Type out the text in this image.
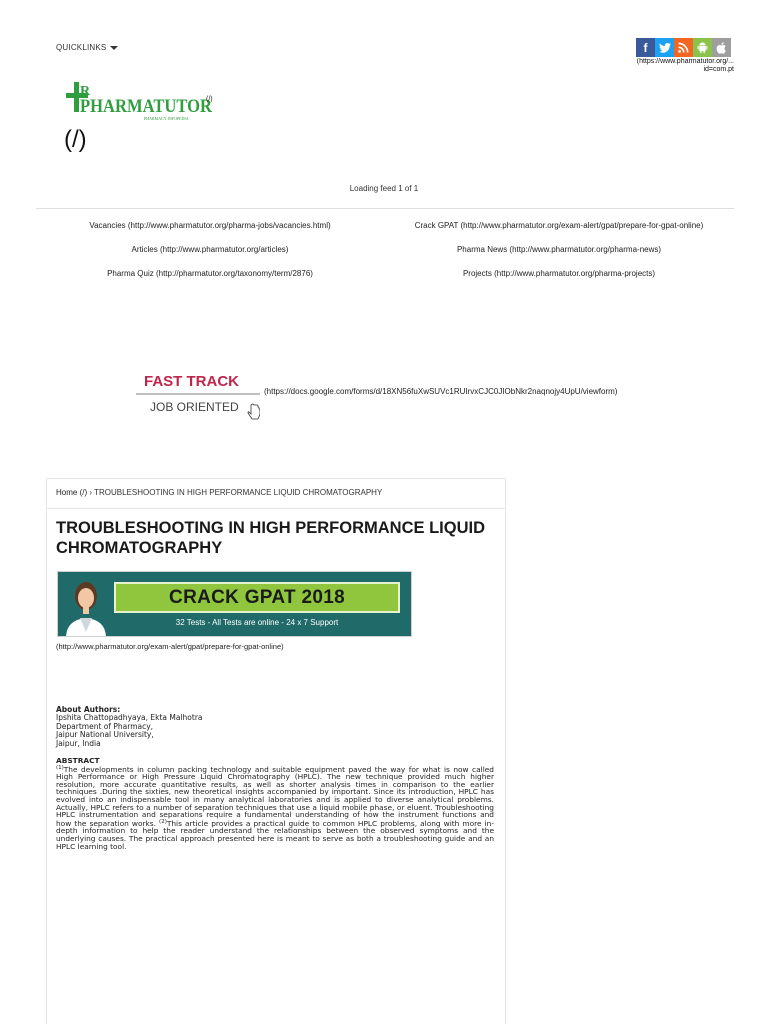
QUICKLINKS	f
(https://www.pharmatutor.org/...
id=com.pt
R
PHARMATUTOR
PHARMACY INFOPEDIA
(/)
(/)
Loading feed 1 of 1
Vacancies (http://www.pharmatutor.org/pharma-jobs/vacancies.html)	Crack GPAT (http://www.pharmatutor.org/exam-alert/gpat/prepare-for-gpat-online)
Articles (http://www.pharmatutor.org/articles)	Pharma News (http://www.pharmatutor.org/pharma-news)
Pharma Quiz (http://pharmatutor.org/taxonomy/term/2876)	Projects (http://www.pharmatutor.org/pharma-projects)
FAST TRACK
JOB ORIENTED
(https://docs.google.com/forms/d/18XN56fuXwSUVc1RUIrvxCJC0JIObNkr2naqnojy4UpU/viewform)
Home (/) › TROUBLESHOOTING IN HIGH PERFORMANCE LIQUID CHROMATOGRAPHY
TROUBLESHOOTING IN HIGH PERFORMANCE LIQUID CHROMATOGRAPHY
CRACK GPAT 2018
32 Tests - All Tests are online - 24 x 7 Support
(http://www.pharmatutor.org/exam-alert/gpat/prepare-for-gpat-online)
About Authors:
Ipshita Chattopadhyaya, Ekta Malhotra
Department of Pharmacy,
Jaipur National University,
Jaipur, India
ABSTRACT
$^{(1)}$The developments in column packing technology and suitable equipment paved the way for what is now called High Performance or High Pressure Liquid Chromatography (HPLC). The new technique provided much higher resolution, more accurate quantitative results, as well as shorter analysis times in comparison to the earlier techniques .During the sixties, new theoretical insights accompanied by important. Since its introduction, HPLC has evolved into an indispensable tool in many analytical laboratories and is applied to diverse analytical problems. Actually, HPLC refers to a number of separation techniques that use a liquid mobile phase, or eluent. Troubleshooting HPLC instrumentation and separations require a fundamental understanding of how the instrument functions and how the separation works. $^{(2)}$This article provides a practical guide to common HPLC problems, along with more in-depth information to help the reader understand the relationships between the observed symptoms and the underlying causes. The practical approach presented here is meant to serve as both a troubleshooting guide and an HPLC learning tool.
